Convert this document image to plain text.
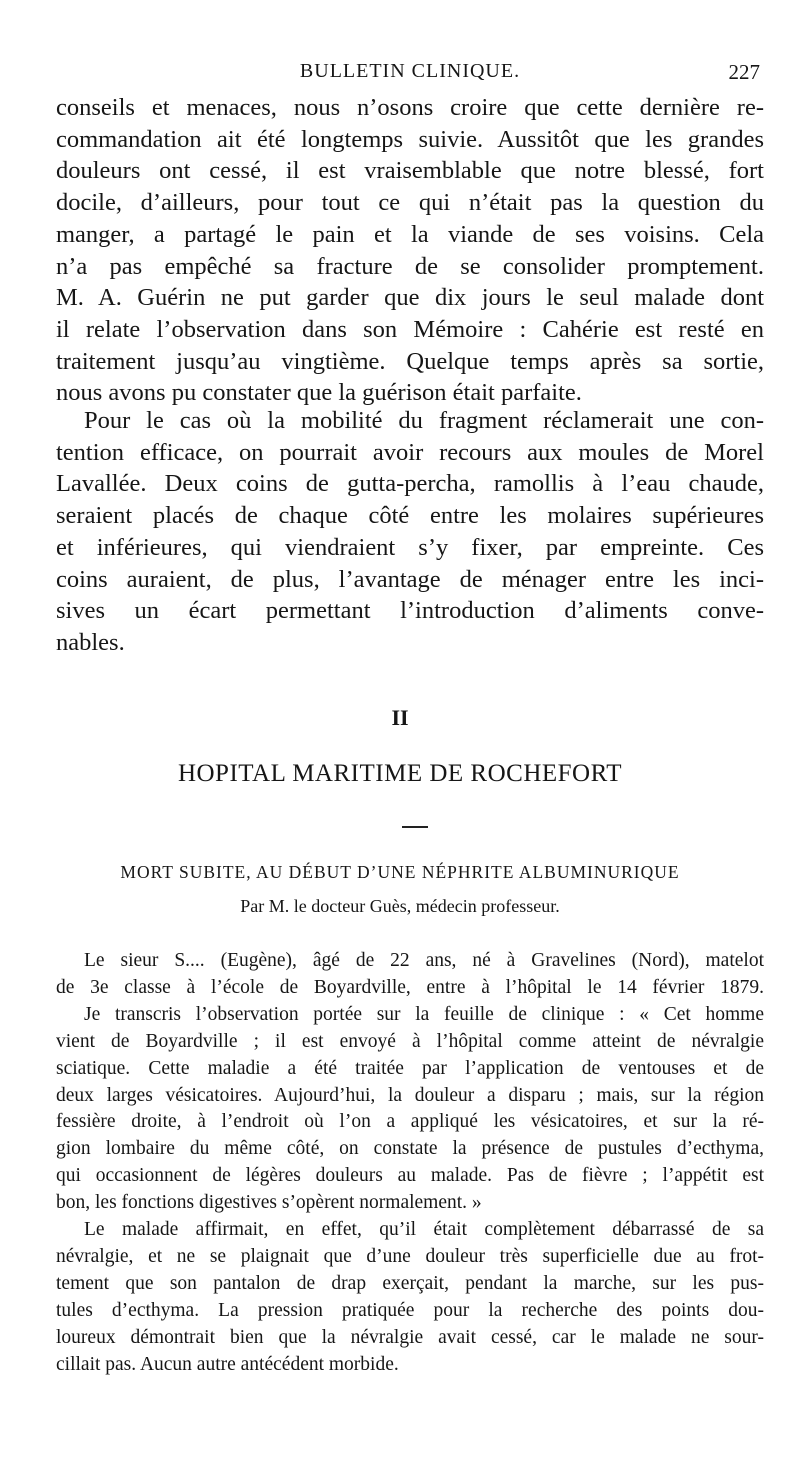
BULLETIN CLINIQUE.	227
conseils et menaces, nous n’osons croire que cette dernière re-
commandation ait été longtemps suivie. Aussitôt que les grandes
douleurs ont cessé, il est vraisemblable que notre blessé, fort
docile, d’ailleurs, pour tout ce qui n’était pas la question du
manger, a partagé le pain et la viande de ses voisins. Cela
n’a pas empêché sa fracture de se consolider promptement.
M. A. Guérin ne put garder que dix jours le seul malade dont
il relate l’observation dans son Mémoire : Cahérie est resté en
traitement jusqu’au vingtième. Quelque temps après sa sortie,
nous avons pu constater que la guérison était parfaite.
Pour le cas où la mobilité du fragment réclamerait une con-
tention efficace, on pourrait avoir recours aux moules de Morel
Lavallée. Deux coins de gutta-percha, ramollis à l’eau chaude,
seraient placés de chaque côté entre les molaires supérieures
et inférieures, qui viendraient s’y fixer, par empreinte. Ces
coins auraient, de plus, l’avantage de ménager entre les inci-
sives un écart permettant l’introduction d’aliments conve-
nables.
II
HOPITAL MARITIME DE ROCHEFORT
MORT SUBITE, AU DÉBUT D’UNE NÉPHRITE ALBUMINURIQUE
Par M. le docteur Guès, médecin professeur.
Le sieur S.... (Eugène), âgé de 22 ans, né à Gravelines (Nord), matelot
de 3e classe à l’école de Boyardville, entre à l’hôpital le 14 février 1879.
Je transcris l’observation portée sur la feuille de clinique : « Cet homme
vient de Boyardville ; il est envoyé à l’hôpital comme atteint de névralgie
sciatique. Cette maladie a été traitée par l’application de ventouses et de
deux larges vésicatoires. Aujourd’hui, la douleur a disparu ; mais, sur la région
fessière droite, à l’endroit où l’on a appliqué les vésicatoires, et sur la ré-
gion lombaire du même côté, on constate la présence de pustules d’ecthyma,
qui occasionnent de légères douleurs au malade. Pas de fièvre ; l’appétit est
bon, les fonctions digestives s’opèrent normalement. »
Le malade affirmait, en effet, qu’il était complètement débarrassé de sa
névralgie, et ne se plaignait que d’une douleur très superficielle due au frot-
tement que son pantalon de drap exerçait, pendant la marche, sur les pus-
tules d’ecthyma. La pression pratiquée pour la recherche des points dou-
loureux démontrait bien que la névralgie avait cessé, car le malade ne sour-
cillait pas. Aucun autre antécédent morbide.
